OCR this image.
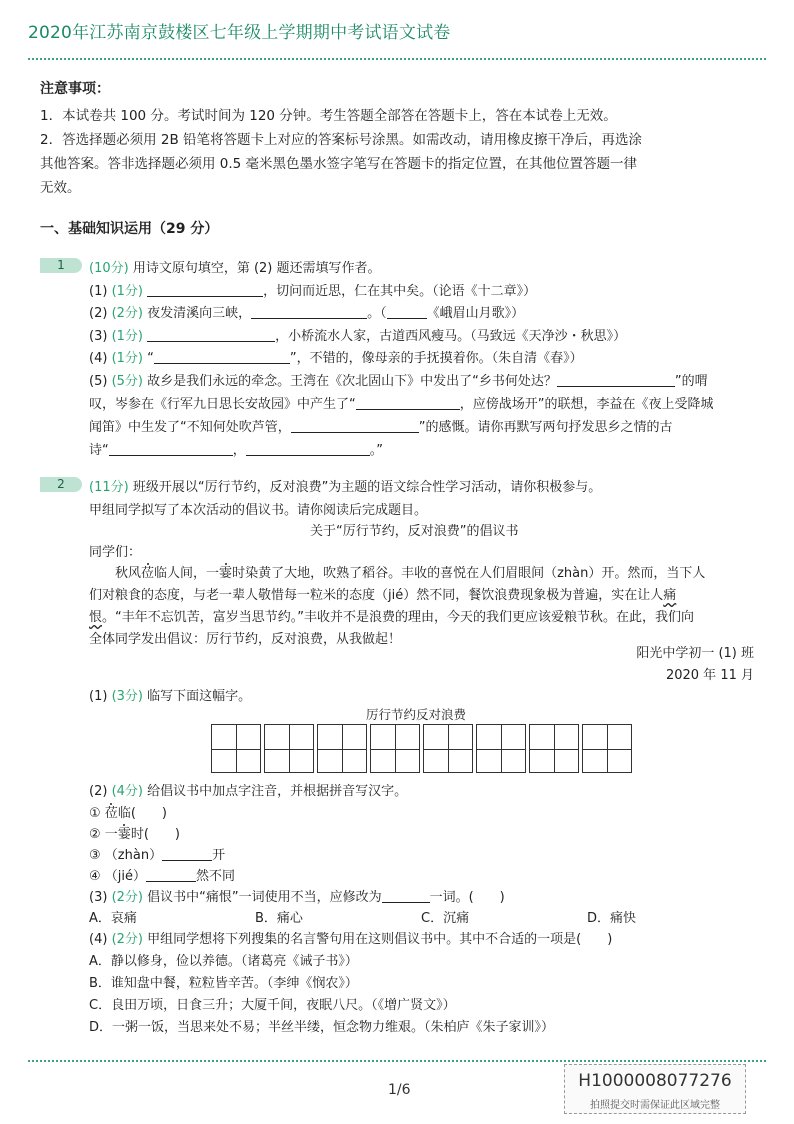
2020年江苏南京鼓楼区七年级上学期期中考试语文试卷
注意事项：
1．本试卷共 100 分。考试时间为 120 分钟。考生答题全部答在答题卡上，答在本试卷上无效。
2．答选择题必须用 2B 铅笔将答题卡上对应的答案标号涂黑。如需改动，请用橡皮擦干净后，再选涂
其他答案。答非选择题必须用 0.5 毫米黑色墨水签字笔写在答题卡的指定位置，在其他位置答题一律
无效。
一、基础知识运用（29 分）
1	(10分) 用诗文原句填空，第 (2) 题还需填写作者。
(1) (1分)	，切问而近思，仁在其中矣。（论语《十二章》）
(2) (2分) 夜发清溪向三峡，	。（	《峨眉山月歌》）
(3) (1分)	，小桥流水人家，古道西风瘦马。（马致远《天净沙・秋思》）
(4) (1分) “	”，不错的，像母亲的手抚摸着你。（朱自清《春》）
(5) (5分) 故乡是我们永远的牵念。王湾在《次北固山下》中发出了“乡书何处达？	”的喟
叹，岑参在《行军九日思长安故园》中产生了“	，应傍战场开”的联想，李益在《夜上受降城
闻笛》中生发了“不知何处吹芦管，	”的感慨。请你再默写两句抒发思乡之情的古
诗“	，	。”
2	(11分) 班级开展以“厉行节约，反对浪费”为主题的语文综合性学习活动，请你积极参与。
甲组同学拟写了本次活动的倡议书。请你阅读后完成题目。
关于“厉行节约，反对浪费”的倡议书
同学们：
　　秋风莅临人间，一霎时染黄了大地，吹熟了稻谷。丰收的喜悦在人们眉眼间（zhàn）开。然而，当下人
们对粮食的态度，与老一辈人敬惜每一粒米的态度（jié）然不同，餐饮浪费现象极为普遍，实在让人痛
恨。“丰年不忘饥苦，富岁当思节约。”丰收并不是浪费的理由，今天的我们更应该爱粮节秋。在此，我们向
全体同学发出倡议：厉行节约，反对浪费，从我做起！
阳光中学初一 (1) 班
2020 年 11 月
(1) (3分) 临写下面这幅字。
厉行节约反对浪费
(2) (4分) 给倡议书中加点字注音，并根据拼音写汉字。
① 莅临(　　)
② 一霎时(　　)
③ （zhàn）	开
④ （jié）	然不同
(3) (2分) 倡议书中“痛恨”一词使用不当，应修改为	一词。(　　)
A．哀痛	B．痛心	C．沉痛	D．痛快
(4) (2分) 甲组同学想将下列搜集的名言警句用在这则倡议书中。其中不合适的一项是(　　)
A．静以修身，俭以养德。（诸葛亮《诫子书》）
B．谁知盘中餐，粒粒皆辛苦。（李绅《悯农》）
C．良田万顷，日食三升；大厦千间，夜眠八尺。（《增广贤文》）
D．一粥一饭，当思来处不易；半丝半缕，恒念物力维艰。（朱柏庐《朱子家训》）
1/6	H1000008077276
拍照提交时需保证此区域完整
